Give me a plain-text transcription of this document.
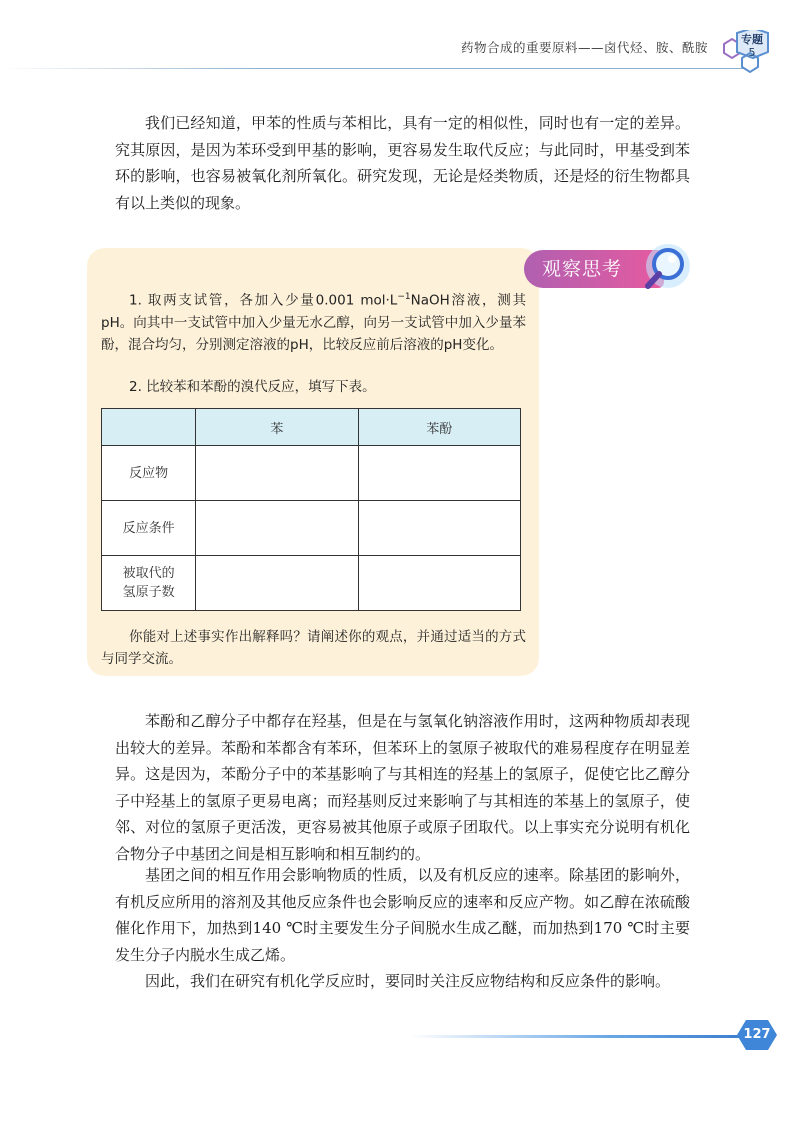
药物合成的重要原料——卤代烃、胺、酰胺
专题
5

我们已经知道，甲苯的性质与苯相比，具有一定的相似性，同时也有一定的差异。究其原因，是因为苯环受到甲基的影响，更容易发生取代反应；与此同时，甲基受到苯环的影响，也容易被氧化剂所氧化。研究发现，无论是烃类物质，还是烃的衍生物都具有以上类似的现象。

观察思考

1. 取两支试管，各加入少量0.001 $mol\cdot L^{-1}NaOH$溶液，测其pH。向其中一支试管中加入少量无水乙醇，向另一支试管中加入少量苯酚，混合均匀，分别测定溶液的pH，比较反应前后溶液的pH变化。

2. 比较苯和苯酚的溴代反应，填写下表。

	苯	苯酚
反应物		
反应条件		
被取代的
氢原子数		

你能对上述事实作出解释吗？请阐述你的观点，并通过适当的方式与同学交流。

苯酚和乙醇分子中都存在羟基，但是在与氢氧化钠溶液作用时，这两种物质却表现出较大的差异。苯酚和苯都含有苯环，但苯环上的氢原子被取代的难易程度存在明显差异。这是因为，苯酚分子中的苯基影响了与其相连的羟基上的氢原子，促使它比乙醇分子中羟基上的氢原子更易电离；而羟基则反过来影响了与其相连的苯基上的氢原子，使邻、对位的氢原子更活泼，更容易被其他原子或原子团取代。以上事实充分说明有机化合物分子中基团之间是相互影响和相互制约的。

基团之间的相互作用会影响物质的性质，以及有机反应的速率。除基团的影响外，有机反应所用的溶剂及其他反应条件也会影响反应的速率和反应产物。如乙醇在浓硫酸催化作用下，加热到140 ℃时主要发生分子间脱水生成乙醚，而加热到170 ℃时主要发生分子内脱水生成乙烯。

因此，我们在研究有机化学反应时，要同时关注反应物结构和反应条件的影响。

127
